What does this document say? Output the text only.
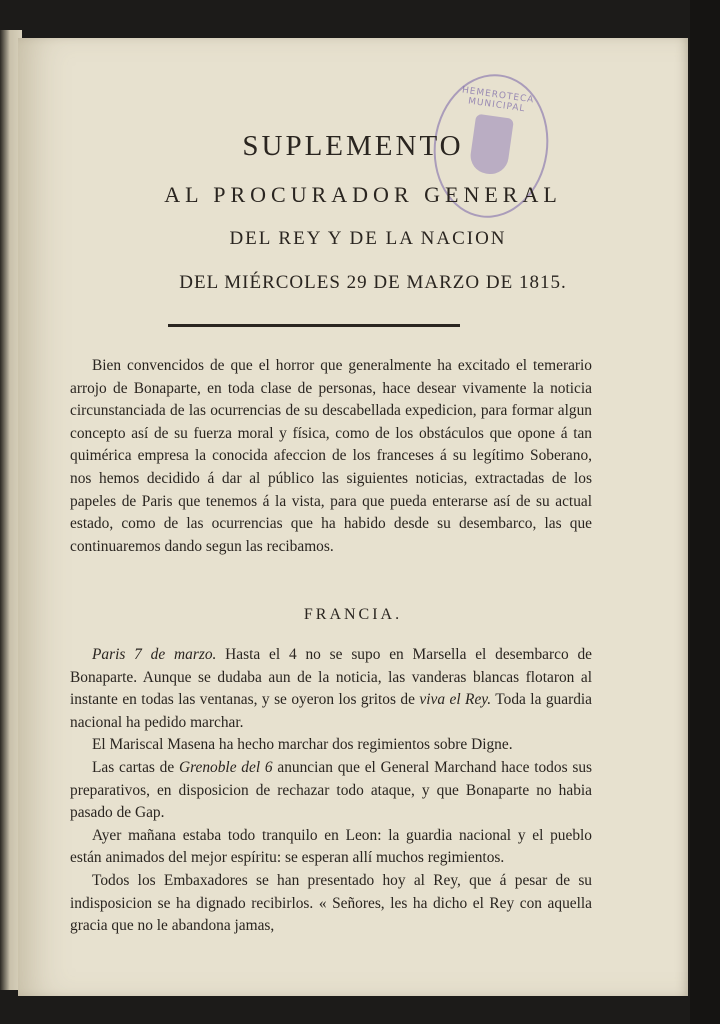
HEMEROTECA MUNICIPAL
SUPLEMENTO
AL PROCURADOR GENERAL
DEL REY Y DE LA NACION
DEL MIÉRCOLES 29 DE MARZO DE 1815.

Bien convencidos de que el horror que generalmente ha excitado el temerario arrojo de Bonaparte, en toda clase de personas, hace desear vivamente la noticia circunstanciada de las ocurrencias de su descabellada expedicion, para formar algun concepto así de su fuerza moral y física, como de los obstáculos que opone á tan quimérica empresa la conocida afeccion de los franceses á su legítimo Soberano, nos hemos decidido á dar al público las siguientes noticias, extractadas de los papeles de Paris que tenemos á la vista, para que pueda enterarse así de su actual estado, como de las ocurrencias que ha habido desde su desembarco, las que continuaremos dando segun las recibamos.

FRANCIA.

Paris 7 de marzo. Hasta el 4 no se supo en Marsella el desembarco de Bonaparte. Aunque se dudaba aun de la noticia, las vanderas blancas flotaron al instante en todas las ventanas, y se oyeron los gritos de viva el Rey. Toda la guardia nacional ha pedido marchar.

El Mariscal Masena ha hecho marchar dos regimientos sobre Digne.

Las cartas de Grenoble del 6 anuncian que el General Marchand hace todos sus preparativos, en disposicion de rechazar todo ataque, y que Bonaparte no habia pasado de Gap.

Ayer mañana estaba todo tranquilo en Leon: la guardia nacional y el pueblo están animados del mejor espíritu: se esperan allí muchos regimientos.

Todos los Embaxadores se han presentado hoy al Rey, que á pesar de su indisposicion se ha dignado recibirlos. « Señores, les ha dicho el Rey con aquella gracia que no le abandona jamas,
